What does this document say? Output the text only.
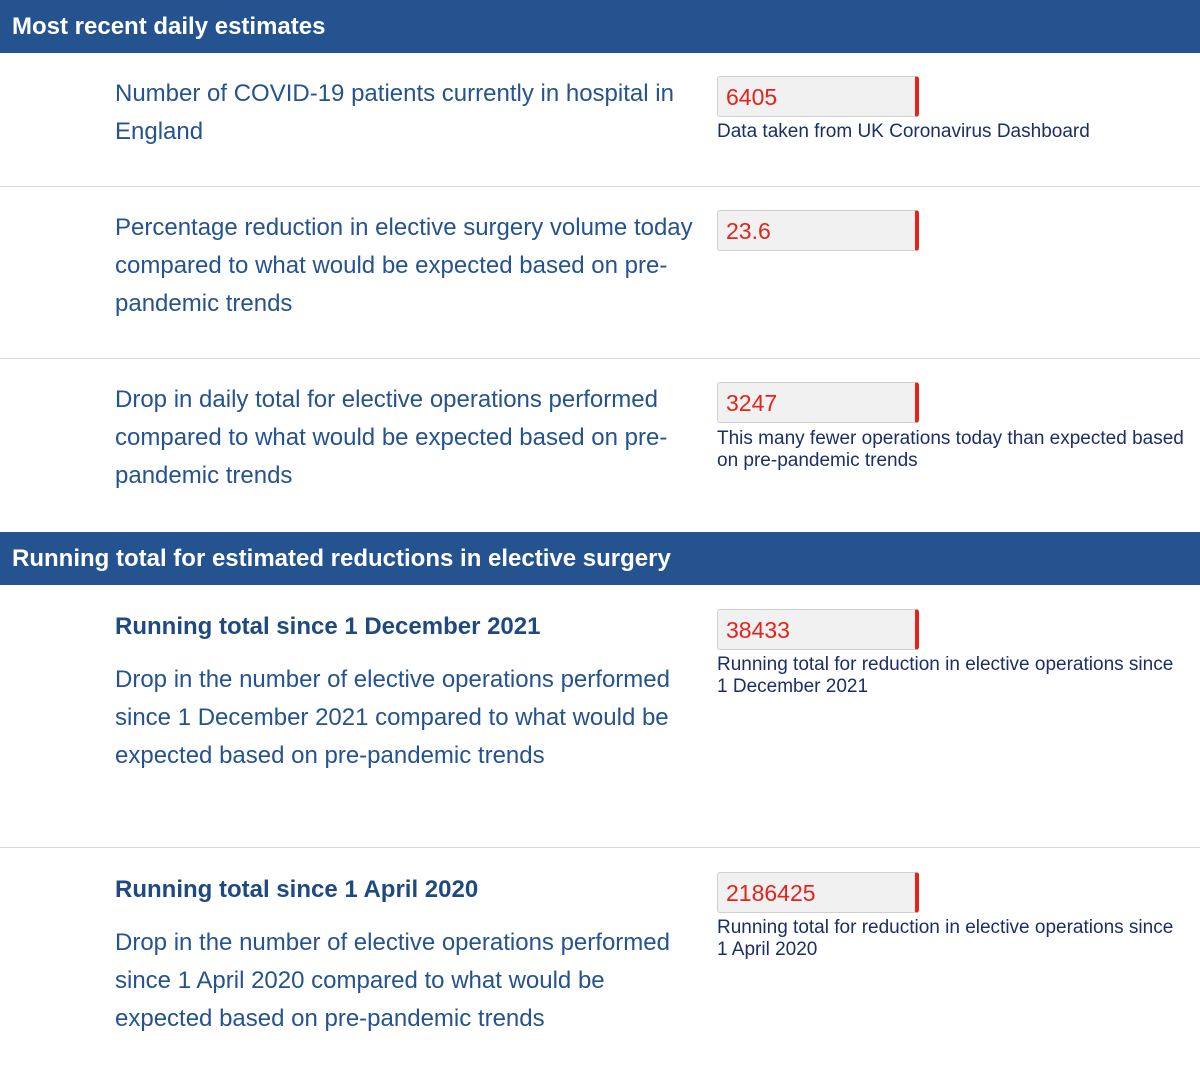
Most recent daily estimates
Number of COVID-19 patients currently in hospital in England
6405
Data taken from UK Coronavirus Dashboard
Percentage reduction in elective surgery volume today compared to what would be expected based on pre-pandemic trends
23.6
Drop in daily total for elective operations performed compared to what would be expected based on pre-pandemic trends
3247
This many fewer operations today than expected based on pre-pandemic trends
Running total for estimated reductions in elective surgery
Running total since 1 December 2021
Drop in the number of elective operations performed since 1 December 2021 compared to what would be expected based on pre-pandemic trends
38433
Running total for reduction in elective operations since 1 December 2021
Running total since 1 April 2020
Drop in the number of elective operations performed since 1 April 2020 compared to what would be expected based on pre-pandemic trends
2186425
Running total for reduction in elective operations since 1 April 2020
